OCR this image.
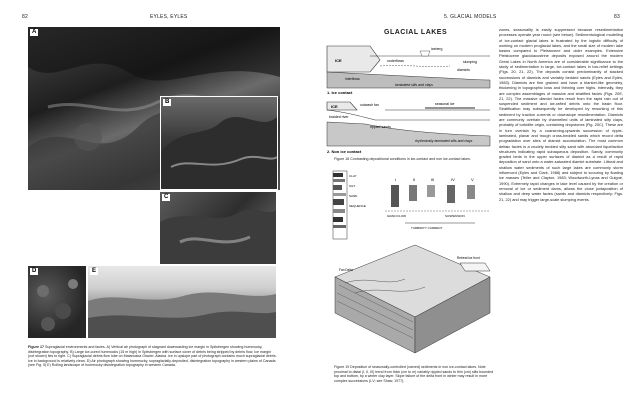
82	EYLES, EYLES
A
B
C
D	E
Figure 17 Supraglacial environments and facies. A) Vertical air photograph of stagnant downwasting ice margin in Spitsbergen showing hummocky, disintegration topography. B) Large ice-cored hummocks (15 m high) in Spitsbergen with surface cover of debris being stripped by debris flow. Ice margin (not shown) lies to right. C) Supraglacial debris flow lobe on Matanuska Glacier, Alaska. Ice in upslope part of photograph contains much supraglacial debris. Ice in background is relatively clean. D) Air photograph showing hummocky, supraglacially-deposited, disintegration topography in western plains of Canada (see Fig. 5) E) Rolling landscape of hummocky disintegration topography in western Canada.
5. GLACIAL MODELS	83
GLACIAL LAKES
ICE
iceberg
slumping
diamicts
underflows
interflows
laminated silts and clays
1. Ice contact
ICE	outwash fan	seasonal ice
braided river
rippled sands
rhythmically laminated silts and clays
2. Non ice contact
Figure 18 Contrasting depositional conditions in ice-contact and non ice-contact lakes.
CLAY
SILT
SAND
SEQUENCE
I	II	III	IV	V
SUSPENSION
GRAIN FLOW
TURBIDITY CURRENT
Fan Delta
Retreat ice front
Figure 19 Deposition of seasonally-controlled (varved) sediments in non ice-contact lakes. Note proximal to distal (I, II, III) trend from thick (cm to m) variably rippled sands to thin (cm) silts bounded top and bottom, by a winter clay layer. Slope failure of the delta front in winter may result in more complex successions (I-V; see Shaw, 1977).
zones, seasonality is easily suppressed because resedimentation processes operate year round (see below). Sedimentological modelling of ice-contact glacial lakes is frustrated by the logistic difficulty of working on modern proglacial lakes, and the small size of modern lake basins compared to Pleistocene and older examples. Extensive Pleistocene glaciolacustrine deposits exposed around the modern Great Lakes in North America are of considerable significance to the study of sedimentation in large, ice-contact lakes in low-relief settings (Figs. 20, 21, 22). The deposits consist predominantly of stacked successions of diamicts and variably bedded sands (Eyles and Eyles, 1983). Diamicts are fine grained and have a blanket-like geometry, thickening in topographic lows and thinning over highs. Internally, they are complex assemblages of massive and stratified facies (Figs. 20E, 21, 22). The massive diamict facies result from the rapid rain out of suspended sediment and ice-rafted debris onto the basin floor. Stratification may subsequently be developed by reworking of this sediment by traction currents or downslope resedimentation. Diamicts are commonly overlain by channelled units of laminated silty clays, probably of turbidite origin, containing dropstones (Fig. 20C). These are in turn overlain by a coarsening-upwards succession of ripple-laminated, planar and trough cross-bedded sands which record delta progradation over sites of diamict accumulation. The most common deltaic facies is a crudely bedded silty sand with abundant liquefaction structures indicating rapid subaqueous deposition. Sandy, commonly graded beds in the upper surfaces of diamict as a result of rapid deposition of sand onto a water-saturated diamict substrate. Littoral and shallow water sediments of such large lakes are commonly storm influenced (Eyles and Clark, 1988) and subject to scouring by floating ice masses (Teller and Clayton, 1983; Woodworth-Lynas and Guigné, 1990). Extremely rapid changes in lake level caused by the creation or removal of ice or sediment dams, allows the close juxtaposition of shallow and deep water facies (sands and diamicts respectively; Figs. 21, 22) and may trigger large-scale slumping events.
